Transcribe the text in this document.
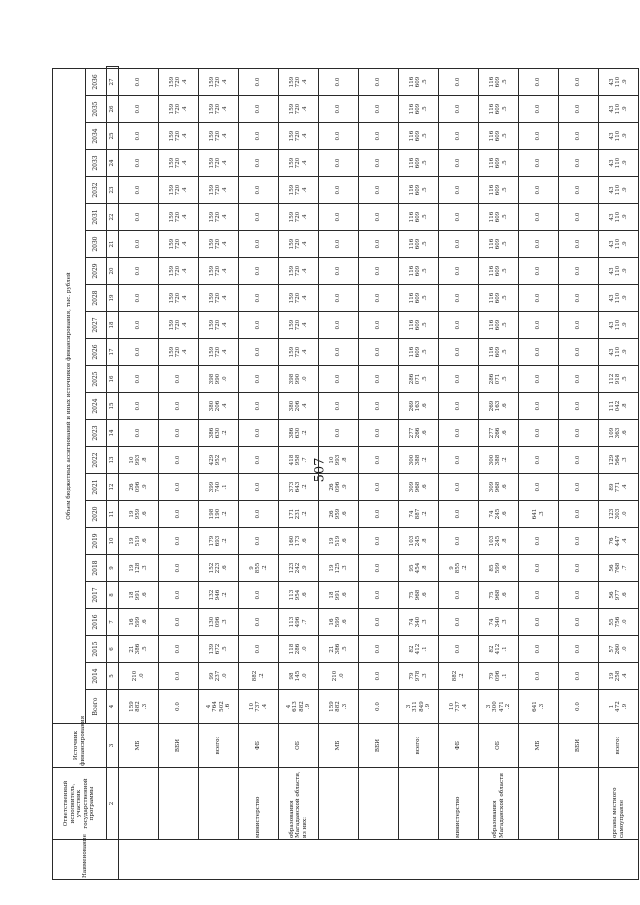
507
Наименование	Ответственный исполнитель, участник государственной программы	Источник финансирования	Объем бюджетных ассигнований и иных источников финансирования, тыс. рублей																								
			Всего	2014	2015	2016	2017	2018	2019	2020	2021	2022	2023	2024	2025	2026	2027	2028	2029	2030	2031	2032	2033	2034	2035	2036	
	2	3	4	5	6	7	8	9	10	11	12	13	14	15	16	17	18	19	20	21	22	23	24	25	26	27	
		МБ	159
882
.3	210
.0	21
386
.5	16
599
.6	18
991
.6	19
128
.3	19
519
.6	19
959
.6	26
096
.9	10
993
.8	0.0	0.0	0.0	0.0	0.0	0.0	0.0	0.0	0.0	0.0	0.0	0.0	0.0	0.0	

		ВБИ	0.0	0.0	0.0	0.0	0.0	0.0	0.0	0.0	0.0	0.0	0.0	0.0	0.0	159
720
.4	159
720
.4	159
720
.4	159
720
.4	159
720
.4	159
720
.4	159
720
.4	159
720
.4	159
720
.4	159
720
.4	159
720
.4	

		всего:	4
764
502
.6	99
237
.0	139
672
.5	130
096
.3	132
946
.2	152
223
.6	179
693
.2	198
190
.2	399
740
.1	429
952
.5	386
630
.2	380
206
.4	398
990
.0	159
720
.4	159
720
.4	159
720
.4	159
720
.4	159
720
.4	159
720
.4	159
720
.4	159
720
.4	159
720
.4	159
720
.4	159
720
.4	

	министерство	ФБ	10
737
.4	882
.2	0.0	0.0	0.0	9
855
.2	0.0	0.0	0.0	0.0	0.0	0.0	0.0	0.0	0.0	0.0	0.0	0.0	0.0	0.0	0.0	0.0	0.0	0.0	

	образования Магаданской области, из них:	ОБ	4
613
882
.9	98
145
.0	118
286
.0	113
496
.7	113
954
.6	123
242
.9	160
173
.6	171
231
.2	373
643
.2	418
958
.7	386
630
.2	380
206
.4	398
990
.0	159
720
.4	159
720
.4	159
720
.4	159
720
.4	159
720
.4	159
720
.4	159
720
.4	159
720
.4	159
720
.4	159
720
.4	159
720
.4	

		МБ	159
882
.3	210
.0	21
386
.5	16
599
.6	18
991
.6	19
125
.3	19
519
.6	26
959
.6	26
096
.9	10
993
.8	0.0	0.0	0.0	0.0	0.0	0.0	0.0	0.0	0.0	0.0	0.0	0.0	0.0	0.0	

		ВБИ	0.0	0.0	0.0	0.0	0.0	0.0	0.0	0.0	0.0	0.0	0.0	0.0	0.0	0.0	0.0	0.0	0.0	0.0	0.0	0.0	0.0	0.0	0.0	0.0	

		всего:	3
311
849
.9	79
978
.3	82
412
.1	74
340
.3	75
968
.6	95
454
.8	103
245
.8	74
887
.2	309
968
.6	300
388
.2	277
266
.6	269
163
.6	286
071
.5	116
609
.5	116
609
.5	116
609
.5	116
609
.5	116
609
.5	116
609
.5	116
609
.5	116
609
.5	116
609
.5	116
609
.5	116
609
.5	

	министерство	ФБ	10
737
.4	882
.2	0.0	0.0	0.0	9
855
.2	0.0	0.0	0.0	0.0	0.0	0.0	0.0	0.0	0.0	0.0	0.0	0.0	0.0	0.0	0.0	0.0	0.0	0.0	

	образования Магаданской области	ОБ	3
300
471
.2	79
096
.1	82
412
.1	74
340
.3	75
968
.6	85
599
.6	103
245
.8	74
245
.6	309
968
.6	300
388
.2	277
266
.6	269
163
.6	286
071
.5	116
609
.5	116
609
.5	116
609
.5	116
609
.5	116
609
.5	116
609
.5	116
609
.5	116
609
.5	116
609
.5	116
609
.5	116
609
.5	

		МБ	641
.3	0.0	0.0	0.0	0.0	0.0	0.0	641
.3	0.0	0.0	0.0	0.0	0.0	0.0	0.0	0.0	0.0	0.0	0.0	0.0	0.0	0.0	0.0	0.0	

		ВБИ	0.0	0.0	0.0	0.0	0.0	0.0	0.0	0.0	0.0	0.0	0.0	0.0	0.0	0.0	0.0	0.0	0.0	0.0	0.0	0.0	0.0	0.0	0.0	0.0	

	органы местного самоуправле	всего:	1
472
.9	19
258
.4	57
260
.0	55
756
.0	56
977
.6	56
768
.7	76
447
.4	123
303
.0	89
771
.4	129
564
.3	109
363
.6	111
042
.8	112
918
.5	43
110
.9	43
110
.9	43
110
.9	43
110
.9	43
110
.9	43
110
.9	43
110
.9	43
110
.9	43
110
.9	43
110
.9	43
110
.9	
